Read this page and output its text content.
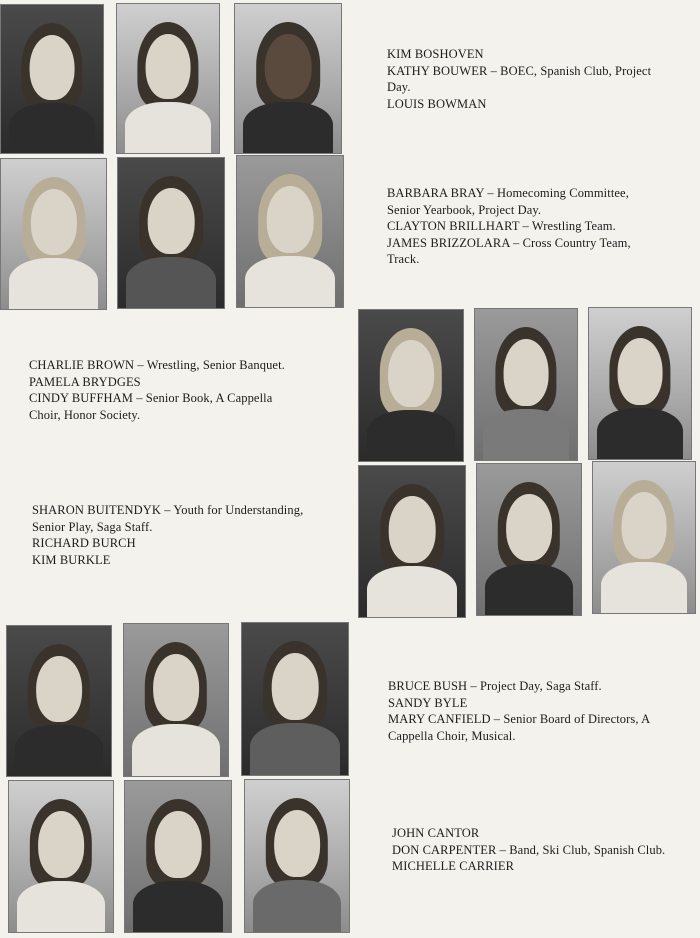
KIM BOSHOVEN
KATHY BOUWER – BOEC, Spanish Club, Project
Day.
LOUIS BOWMAN
BARBARA BRAY – Homecoming Committee,
Senior Yearbook, Project Day.
CLAYTON BRILLHART – Wrestling Team.
JAMES BRIZZOLARA – Cross Country Team,
Track.
CHARLIE BROWN – Wrestling, Senior Banquet.
PAMELA BRYDGES
CINDY BUFFHAM – Senior Book, A Cappella
Choir, Honor Society.
SHARON BUITENDYK – Youth for Understanding,
Senior Play, Saga Staff.
RICHARD BURCH
KIM BURKLE
BRUCE BUSH – Project Day, Saga Staff.
SANDY BYLE
MARY CANFIELD – Senior Board of Directors, A
Cappella Choir, Musical.
JOHN CANTOR
DON CARPENTER – Band, Ski Club, Spanish Club.
MICHELLE CARRIER
